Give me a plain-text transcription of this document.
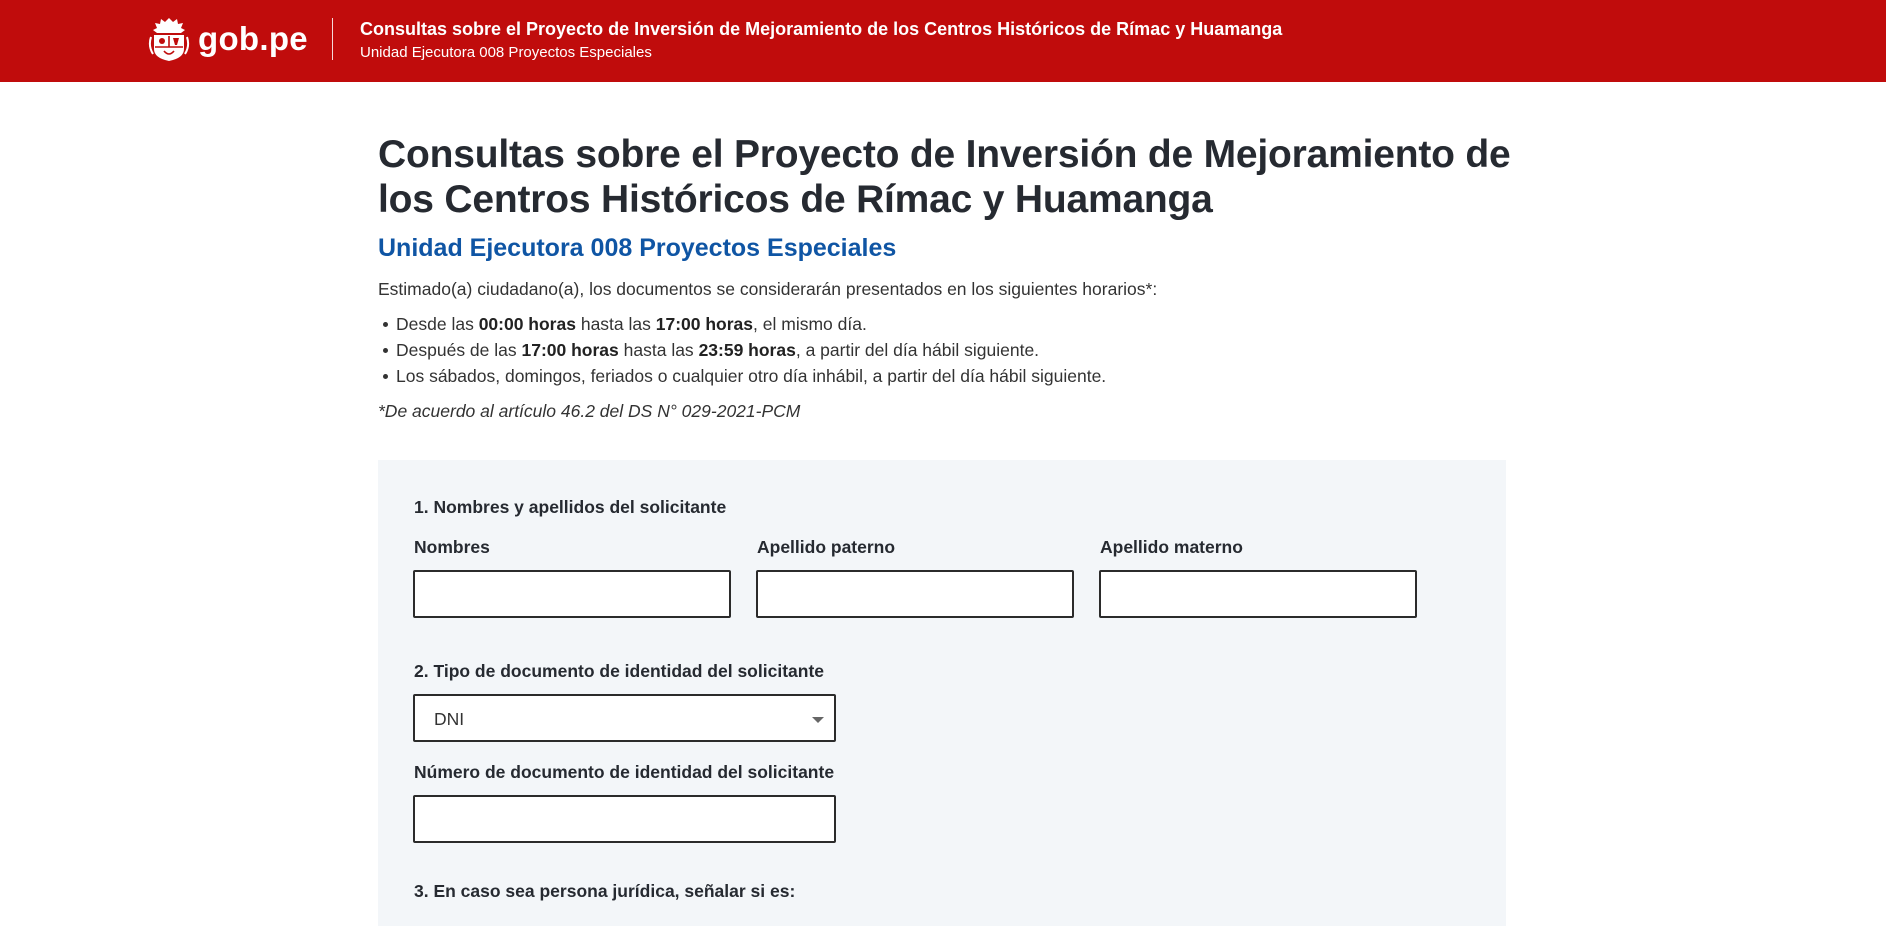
gob.pe	Consultas sobre el Proyecto de Inversión de Mejoramiento de los Centros Históricos de Rímac y Huamanga
Unidad Ejecutora 008 Proyectos Especiales
Consultas sobre el Proyecto de Inversión de Mejoramiento de los Centros Históricos de Rímac y Huamanga
Unidad Ejecutora 008 Proyectos Especiales

Estimado(a) ciudadano(a), los documentos se considerarán presentados en los siguientes horarios*:

Desde las 00:00 horas hasta las 17:00 horas, el mismo día.
Después de las 17:00 horas hasta las 23:59 horas, a partir del día hábil siguiente.
Los sábados, domingos, feriados o cualquier otro día inhábil, a partir del día hábil siguiente.

*De acuerdo al artículo 46.2 del DS N° 029-2021-PCM

1. Nombres y apellidos del solicitante
Nombres	Apellido paterno	Apellido materno
2. Tipo de documento de identidad del solicitante
DNI
Número de documento de identidad del solicitante
3. En caso sea persona jurídica, señalar si es:
